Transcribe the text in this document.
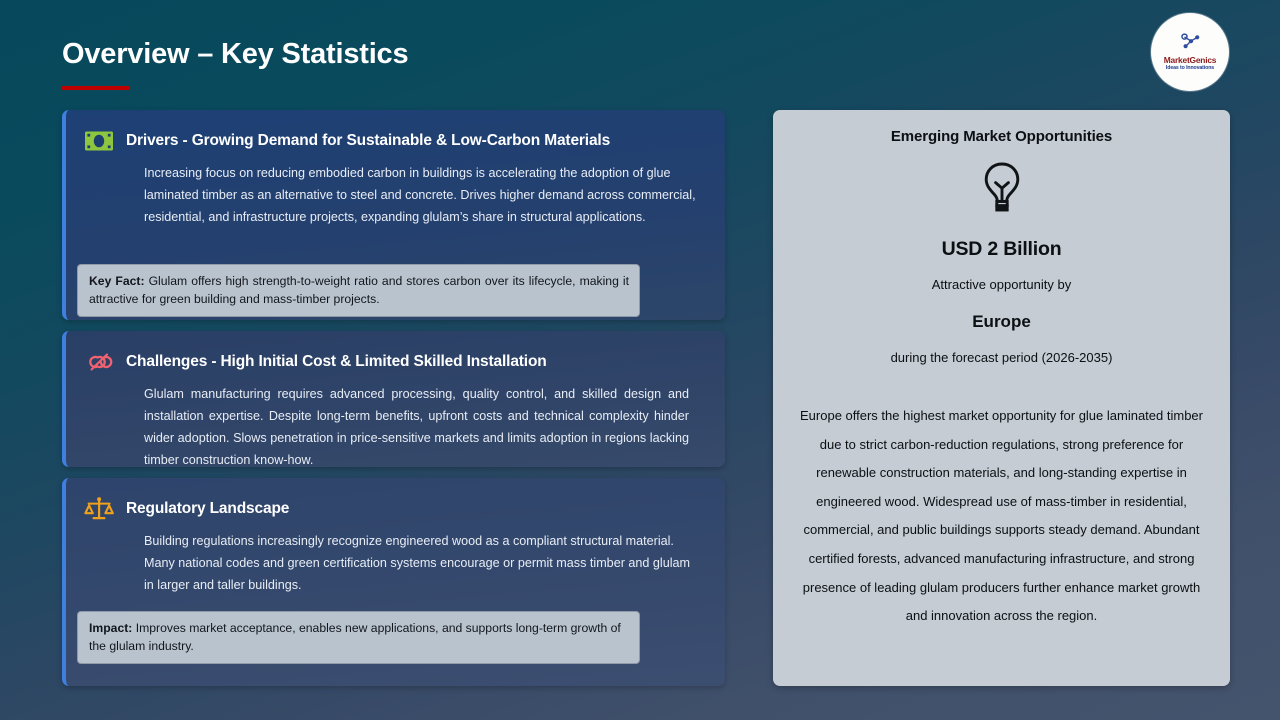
Overview – Key Statistics	MarketGenics
Ideas to Innovations
Drivers - Growing Demand for Sustainable & Low-Carbon Materials
Increasing focus on reducing embodied carbon in buildings is accelerating the adoption of glue laminated timber as an alternative to steel and concrete. Drives higher demand across commercial, residential, and infrastructure projects, expanding glulam’s share in structural applications.
Key Fact: Glulam offers high strength-to-weight ratio and stores carbon over its lifecycle, making it attractive for green building and mass-timber projects.
Challenges - High Initial Cost & Limited Skilled Installation
Glulam manufacturing requires advanced processing, quality control, and skilled design and installation expertise. Despite long-term benefits, upfront costs and technical complexity hinder wider adoption. Slows penetration in price-sensitive markets and limits adoption in regions lacking timber construction know-how.
Regulatory Landscape
Building regulations increasingly recognize engineered wood as a compliant structural material. Many national codes and green certification systems encourage or permit mass timber and glulam in larger and taller buildings.
Impact: Improves market acceptance, enables new applications, and supports long-term growth of the glulam industry.
Emerging Market Opportunities
USD 2 Billion
Attractive opportunity by
Europe
during the forecast period (2026-2035)
Europe offers the highest market opportunity for glue laminated timber due to strict carbon-reduction regulations, strong preference for renewable construction materials, and long-standing expertise in engineered wood. Widespread use of mass-timber in residential, commercial, and public buildings supports steady demand. Abundant certified forests, advanced manufacturing infrastructure, and strong presence of leading glulam producers further enhance market growth and innovation across the region.
